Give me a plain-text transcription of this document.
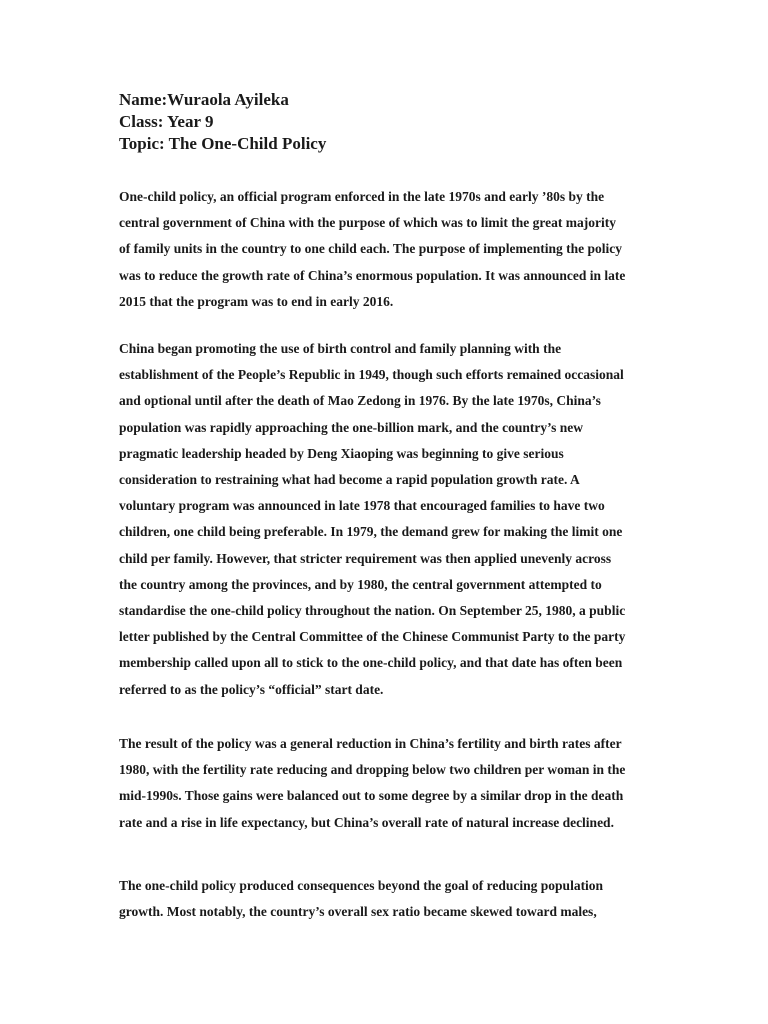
Name:Wuraola Ayileka
Class: Year 9
Topic: The One-Child Policy
One-child policy, an official program enforced in the late 1970s and early ’80s by the
central government of China with the purpose of which was to limit the great majority
of family units in the country to one child each. The purpose of implementing the policy
was to reduce the growth rate of China’s enormous population. It was announced in late
2015 that the program was to end in early 2016.
China began promoting the use of birth control and family planning with the
establishment of the People’s Republic in 1949, though such efforts remained occasional
and optional until after the death of Mao Zedong in 1976. By the late 1970s, China’s
population was rapidly approaching the one-billion mark, and the country’s new
pragmatic leadership headed by Deng Xiaoping was beginning to give serious
consideration to restraining what had become a rapid population growth rate. A
voluntary program was announced in late 1978 that encouraged families to have two
children, one child being preferable. In 1979, the demand grew for making the limit one
child per family. However, that stricter requirement was then applied unevenly across
the country among the provinces, and by 1980, the central government attempted to
standardise the one-child policy throughout the nation. On September 25, 1980, a public
letter published by the Central Committee of the Chinese Communist Party to the party
membership called upon all to stick to the one-child policy, and that date has often been
referred to as the policy’s “official” start date.
The result of the policy was a general reduction in China’s fertility and birth rates after
1980, with the fertility rate reducing and dropping below two children per woman in the
mid-1990s. Those gains were balanced out to some degree by a similar drop in the death
rate and a rise in life expectancy, but China’s overall rate of natural increase declined.
The one-child policy produced consequences beyond the goal of reducing population
growth. Most notably, the country’s overall sex ratio became skewed toward males,
